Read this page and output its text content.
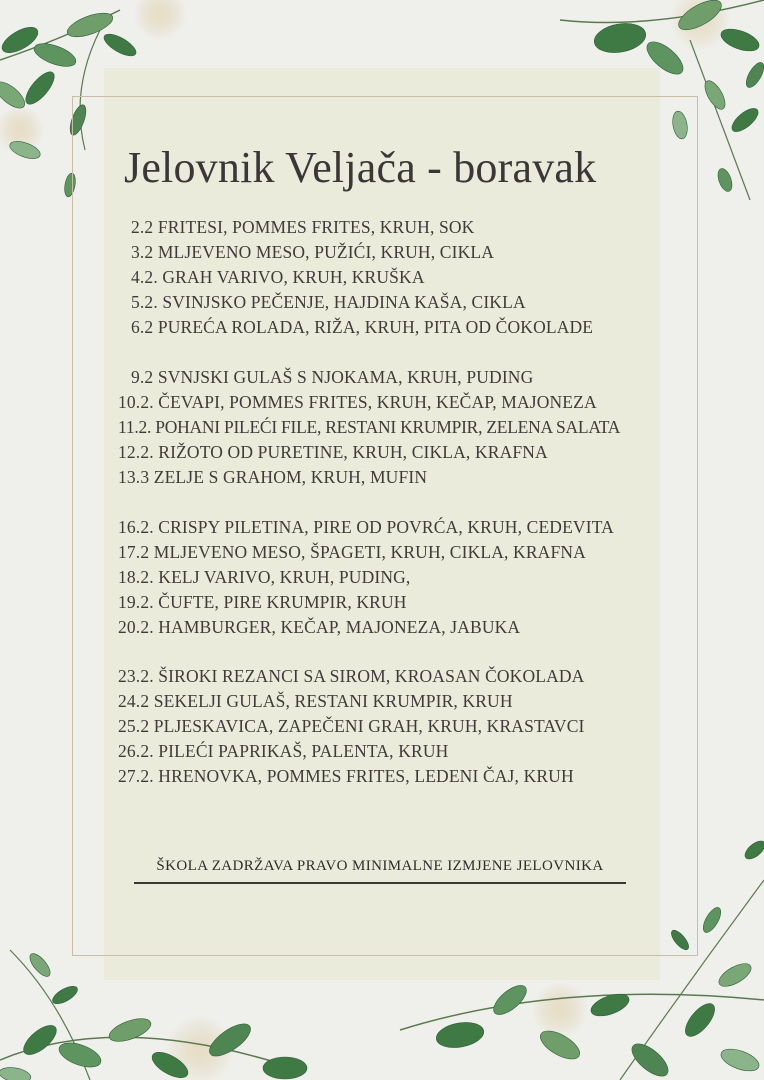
Jelovnik Veljača - boravak
2.2 FRITESI, POMMES FRITES, KRUH, SOK
3.2 MLJEVENO MESO, PUŽIĆI, KRUH, CIKLA
4.2. GRAH VARIVO, KRUH, KRUŠKA
5.2. SVINJSKO PEČENJE, HAJDINA KAŠA, CIKLA
6.2 PUREĆA ROLADA, RIŽA, KRUH, PITA OD ČOKOLADE
9.2 SVNJSKI GULAŠ S NJOKAMA, KRUH, PUDING
10.2. ČEVAPI, POMMES FRITES, KRUH, KEČAP, MAJONEZA
11.2. POHANI PILEĆI FILE, RESTANI KRUMPIR, ZELENA SALATA
12.2. RIŽOTO OD PURETINE, KRUH, CIKLA, KRAFNA
13.3 ZELJE S GRAHOM, KRUH, MUFIN
16.2. CRISPY PILETINA, PIRE OD POVRĆA, KRUH, CEDEVITA
17.2 MLJEVENO MESO, ŠPAGETI, KRUH, CIKLA, KRAFNA
18.2. KELJ VARIVO, KRUH, PUDING,
19.2. ČUFTE, PIRE KRUMPIR, KRUH
20.2. HAMBURGER, KEČAP, MAJONEZA, JABUKA
23.2. ŠIROKI REZANCI SA SIROM, KROASAN ČOKOLADA
24.2 SEKELJI GULAŠ, RESTANI KRUMPIR, KRUH
25.2 PLJESKAVICA, ZAPEČENI GRAH, KRUH, KRASTAVCI
26.2. PILEĆI PAPRIKAŠ, PALENTA, KRUH
27.2. HRENOVKA, POMMES FRITES, LEDENI ČAJ, KRUH
ŠKOLA ZADRŽAVA PRAVO MINIMALNE IZMJENE JELOVNIKA
